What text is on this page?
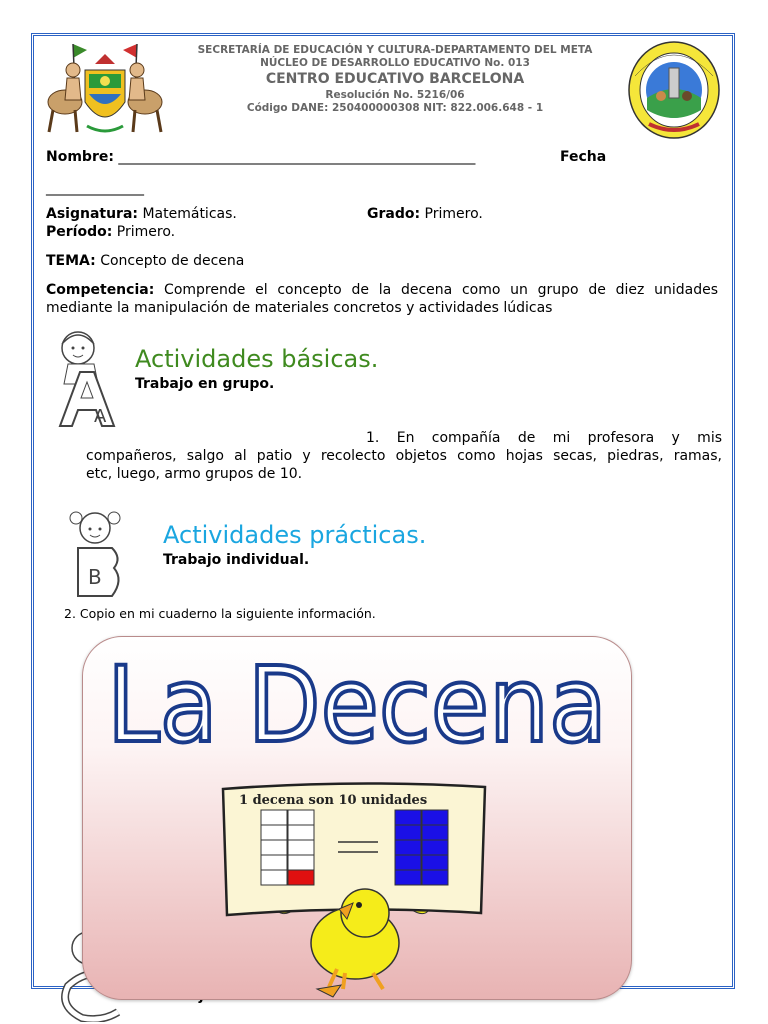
SECRETARÍA DE EDUCACIÓN Y CULTURA-DEPARTAMENTO DEL META
NÚCLEO DE DESARROLLO EDUCATIVO No. 013
CENTRO EDUCATIVO BARCELONA
Resolución No. 5216/06
Código DANE: 250400000308 NIT: 822.006.648 - 1
Nombre: ___________________________________________________	Fecha
______________
Asignatura: Matemáticas.	Grado: Primero.
Período: Primero.
TEMA: Concepto de decena
Competencia: Comprende el concepto de la decena como un grupo de diez unidades mediante la manipulación de materiales concretos y actividades lúdicas
A
Actividades básicas.
Trabajo en grupo.
1. En compañía de mi profesora y mis
compañeros, salgo al patio y recolecto objetos como hojas secas, piedras, ramas,
etc, luego, armo grupos de 10.
B
Actividades prácticas.
Trabajo individual.
2. Copio en mi cuaderno la siguiente información.
La Decena
1 decena son 10 unidades
